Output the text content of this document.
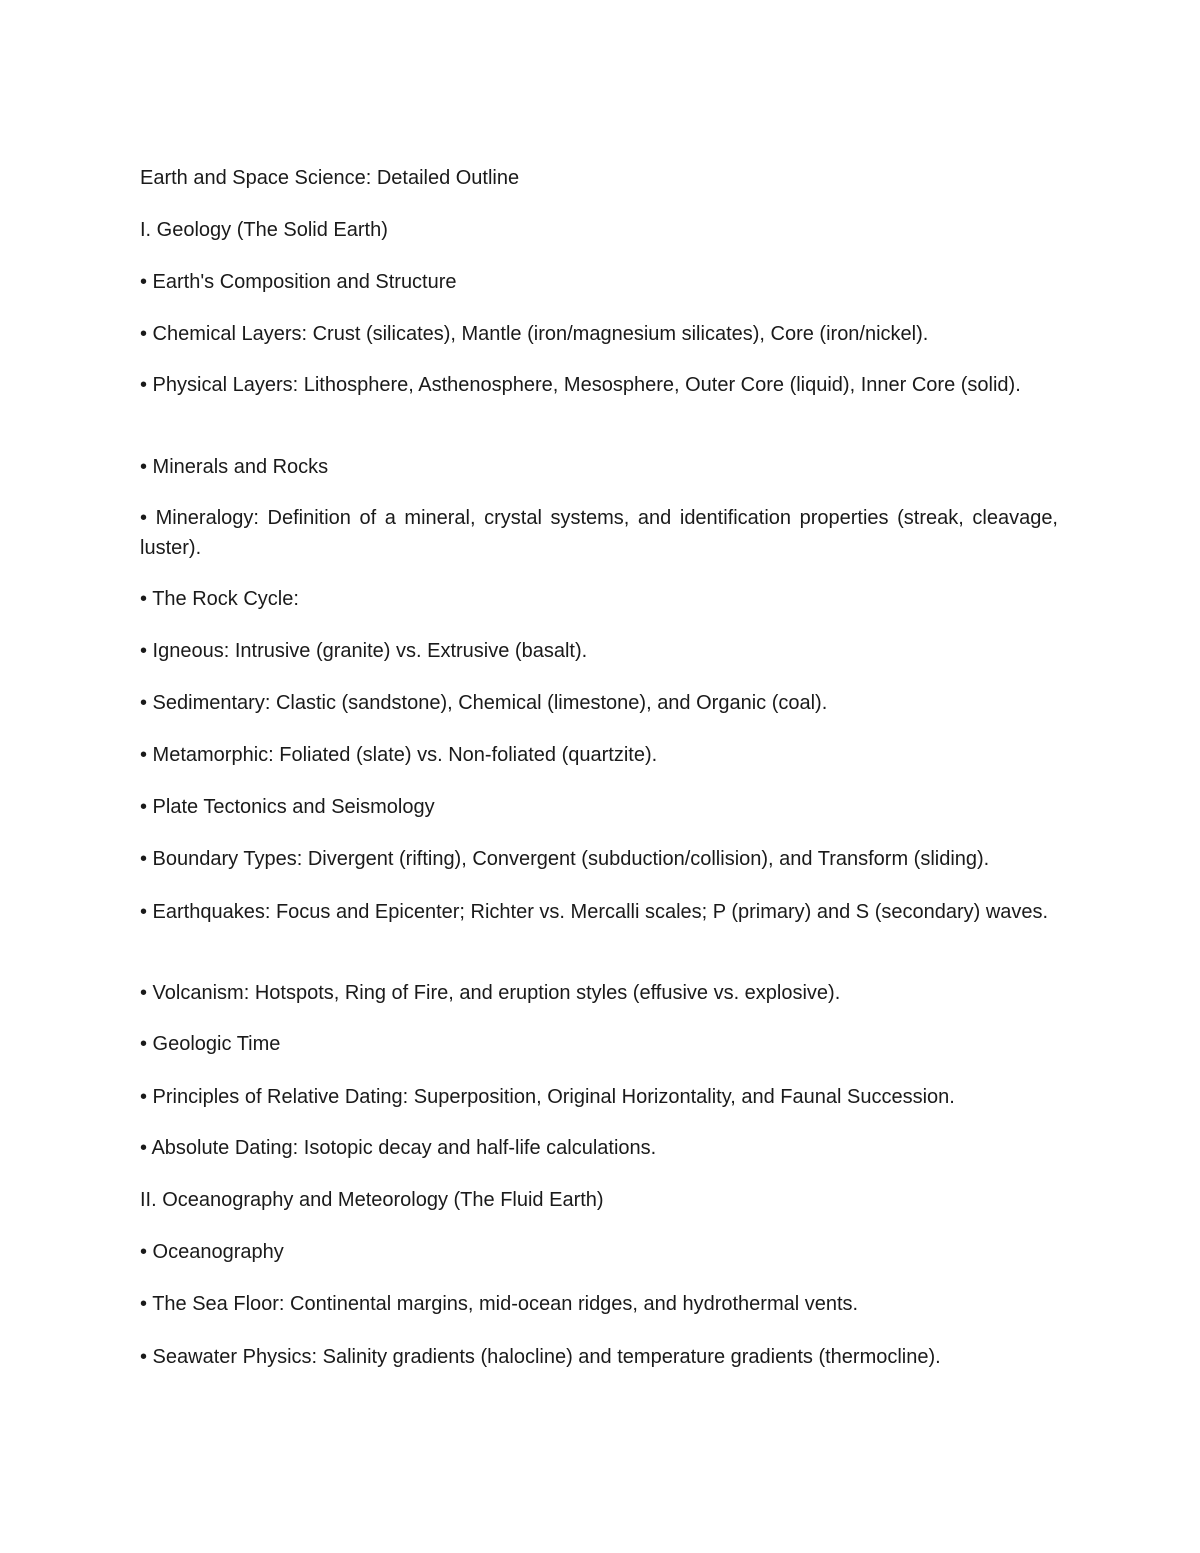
Earth and Space Science: Detailed Outline

I. Geology (The Solid Earth)

• Earth's Composition and Structure

• Chemical Layers: Crust (silicates), Mantle (iron/magnesium silicates), Core (iron/nickel).

• Physical Layers: Lithosphere, Asthenosphere, Mesosphere, Outer Core (liquid), Inner Core (solid).

• Minerals and Rocks

• Mineralogy: Definition of a mineral, crystal systems, and identification properties (streak, cleavage, luster).

• The Rock Cycle:

• Igneous: Intrusive (granite) vs. Extrusive (basalt).

• Sedimentary: Clastic (sandstone), Chemical (limestone), and Organic (coal).

• Metamorphic: Foliated (slate) vs. Non-foliated (quartzite).

• Plate Tectonics and Seismology

• Boundary Types: Divergent (rifting), Convergent (subduction/collision), and Transform (sliding).

• Earthquakes: Focus and Epicenter; Richter vs. Mercalli scales; P (primary) and S (secondary) waves.

• Volcanism: Hotspots, Ring of Fire, and eruption styles (effusive vs. explosive).

• Geologic Time

• Principles of Relative Dating: Superposition, Original Horizontality, and Faunal Succession.

• Absolute Dating: Isotopic decay and half-life calculations.

II. Oceanography and Meteorology (The Fluid Earth)

• Oceanography

• The Sea Floor: Continental margins, mid-ocean ridges, and hydrothermal vents.

• Seawater Physics: Salinity gradients (halocline) and temperature gradients (thermocline).
